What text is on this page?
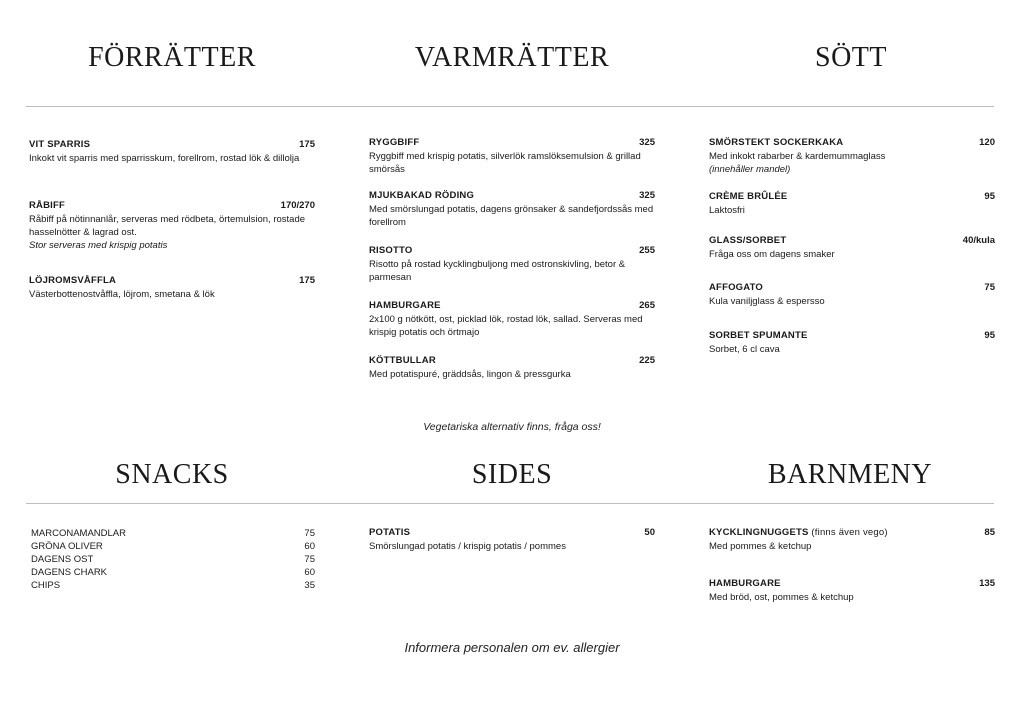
FÖRRÄTTER	VARMRÄTTER	SÖTT
VIT SPARRIS	175
Inkokt vit sparris med sparrisskum, forellrom, rostad lök & dillolja
RÅBIFF	170/270
Råbiff på nötinnanlår, serveras med rödbeta, örtemulsion, rostade hasselnötter & lagrad ost.
Stor serveras med krispig potatis
LÖJROMSVÅFFLA	175
Västerbottenostvåffla, löjrom, smetana & lök
RYGGBIFF	325
Ryggbiff med krispig potatis, silverlök ramslöksemulsion & grillad smörsås
MJUKBAKAD RÖDING	325
Med smörslungad potatis, dagens grönsaker & sandefjordssås med forellrom
RISOTTO	255
Risotto på rostad kycklingbuljong med ostronskivling, betor & parmesan
HAMBURGARE	265
2x100 g nötkött, ost, picklad lök, rostad lök, sallad. Serveras med krispig potatis och örtmajo
KÖTTBULLAR	225
Med potatispuré, gräddsås, lingon & pressgurka
SMÖRSTEKT SOCKERKAKA	120
Med inkokt rabarber & kardemummaglass
(innehåller mandel)
CRÈME BRÛLÉE	95
Laktosfri
GLASS/SORBET	40/kula
Fråga oss om dagens smaker
AFFOGATO	75
Kula vaniljglass & espersso
SORBET SPUMANTE	95
Sorbet, 6 cl cava
Vegetariska alternativ finns, fråga oss!
SNACKS	SIDES	BARNMENY
MARCONAMANDLAR	75
GRÖNA OLIVER	60
DAGENS OST	75
DAGENS CHARK	60
CHIPS	35
POTATIS	50
Smörslungad potatis / krispig potatis / pommes
KYCKLINGNUGGETS (finns även vego)	85
Med pommes & ketchup
HAMBURGARE	135
Med bröd, ost, pommes & ketchup
Informera personalen om ev. allergier
